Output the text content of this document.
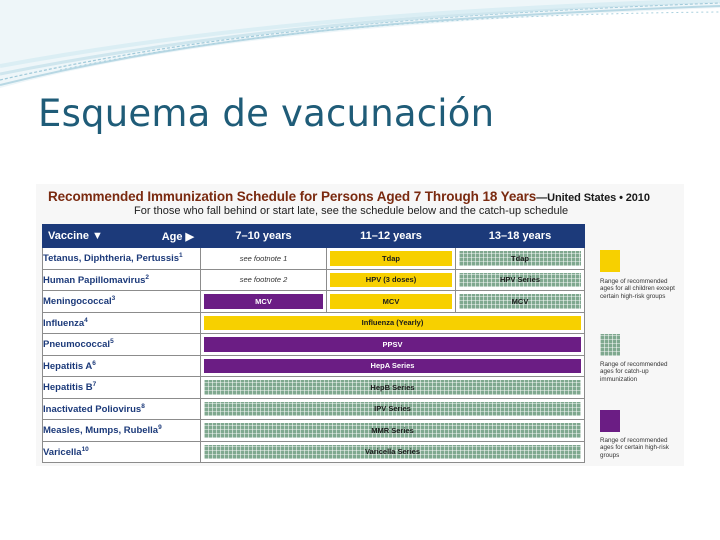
Esquema de vacunación
Recommended Immunization Schedule for Persons Aged 7 Through 18 Years—United States • 2010
For those who fall behind or start late, see the schedule below and the catch-up schedule
Vaccine ▼ Age ▶	7–10 years	11–12 years	13–18 years
Tetanus, Diphtheria, Pertussis$^1$	see footnote 1	Tdap	Tdap

Human Papillomavirus$^2$	see footnote 2	HPV (3 doses)	HPV Series

Meningococcal$^3$	MCV	MCV	MCV

Influenza$^4$	Influenza (Yearly)		

Pneumococcal$^5$	PPSV		

Hepatitis $A^6$	HepA Series		

Hepatitis $B^7$	HepB Series		

Inactivated Poliovirus$^8$	IPV Series		

Measles, Mumps, Rubella$^9$	MMR Series		

Varicella$^{10}$	Varicella Series		
Range of recommended ages for all children except certain high-risk groups
Range of recommended ages for catch-up immunization
Range of recommended ages for certain high-risk groups
